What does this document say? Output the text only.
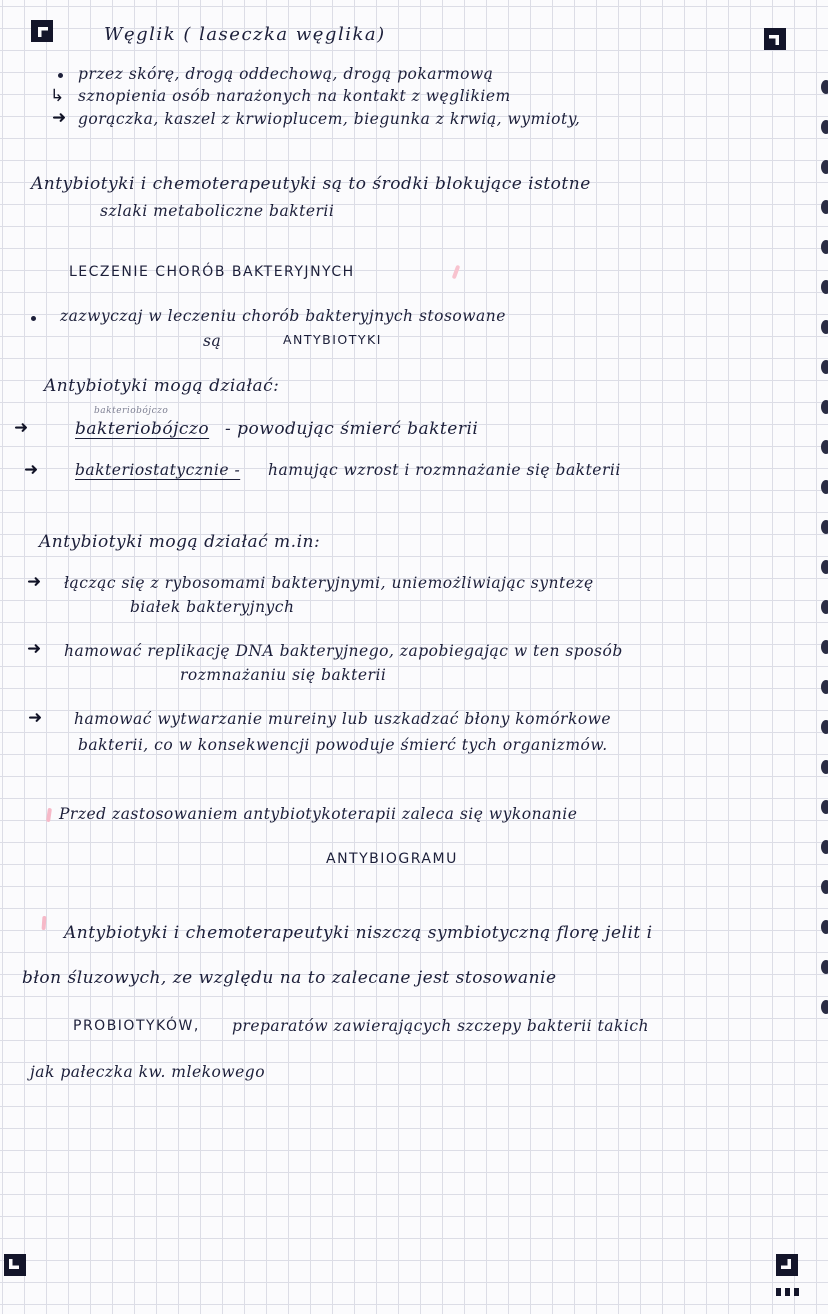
Węglik ( laseczka węglika)
przez skórę, drogą oddechową, drogą pokarmową
↳ sznopienia osób narażonych na kontakt z węglikiem
➜ gorączka, kaszel z krwioplucem, biegunka z krwią, wymioty,
Antybiotyki i chemoterapeutyki są to środki blokujące istotne
szlaki metaboliczne bakterii
LECZENIE CHORÓB BAKTERYJNYCH
zazwyczaj w leczeniu chorób bakteryjnych stosowane
są	ANTYBIOTYKI
Antybiotyki mogą działać:
bakteriobójczo
➜	bakteriobójczo - powodując śmierć bakterii
➜ bakteriostatycznie - hamując wzrost i rozmnażanie się bakterii
Antybiotyki mogą działać m.in:
➜ łącząc się z rybosomami bakteryjnymi, uniemożliwiając syntezę
białek bakteryjnych
➜ hamować replikację DNA bakteryjnego, zapobiegając w ten sposób
rozmnażaniu się bakterii
➜ hamować wytwarzanie mureiny lub uszkadzać błony komórkowe
bakterii, co w konsekwencji powoduje śmierć tych organizmów.
Przed zastosowaniem antybiotykoterapii zaleca się wykonanie
ANTYBIOGRAMU
Antybiotyki i chemoterapeutyki niszczą symbiotyczną florę jelit i
błon śluzowych, ze względu na to zalecane jest stosowanie
PROBIOTYKÓW, preparatów zawierających szczepy bakterii takich
jak pałeczka kw. mlekowego
